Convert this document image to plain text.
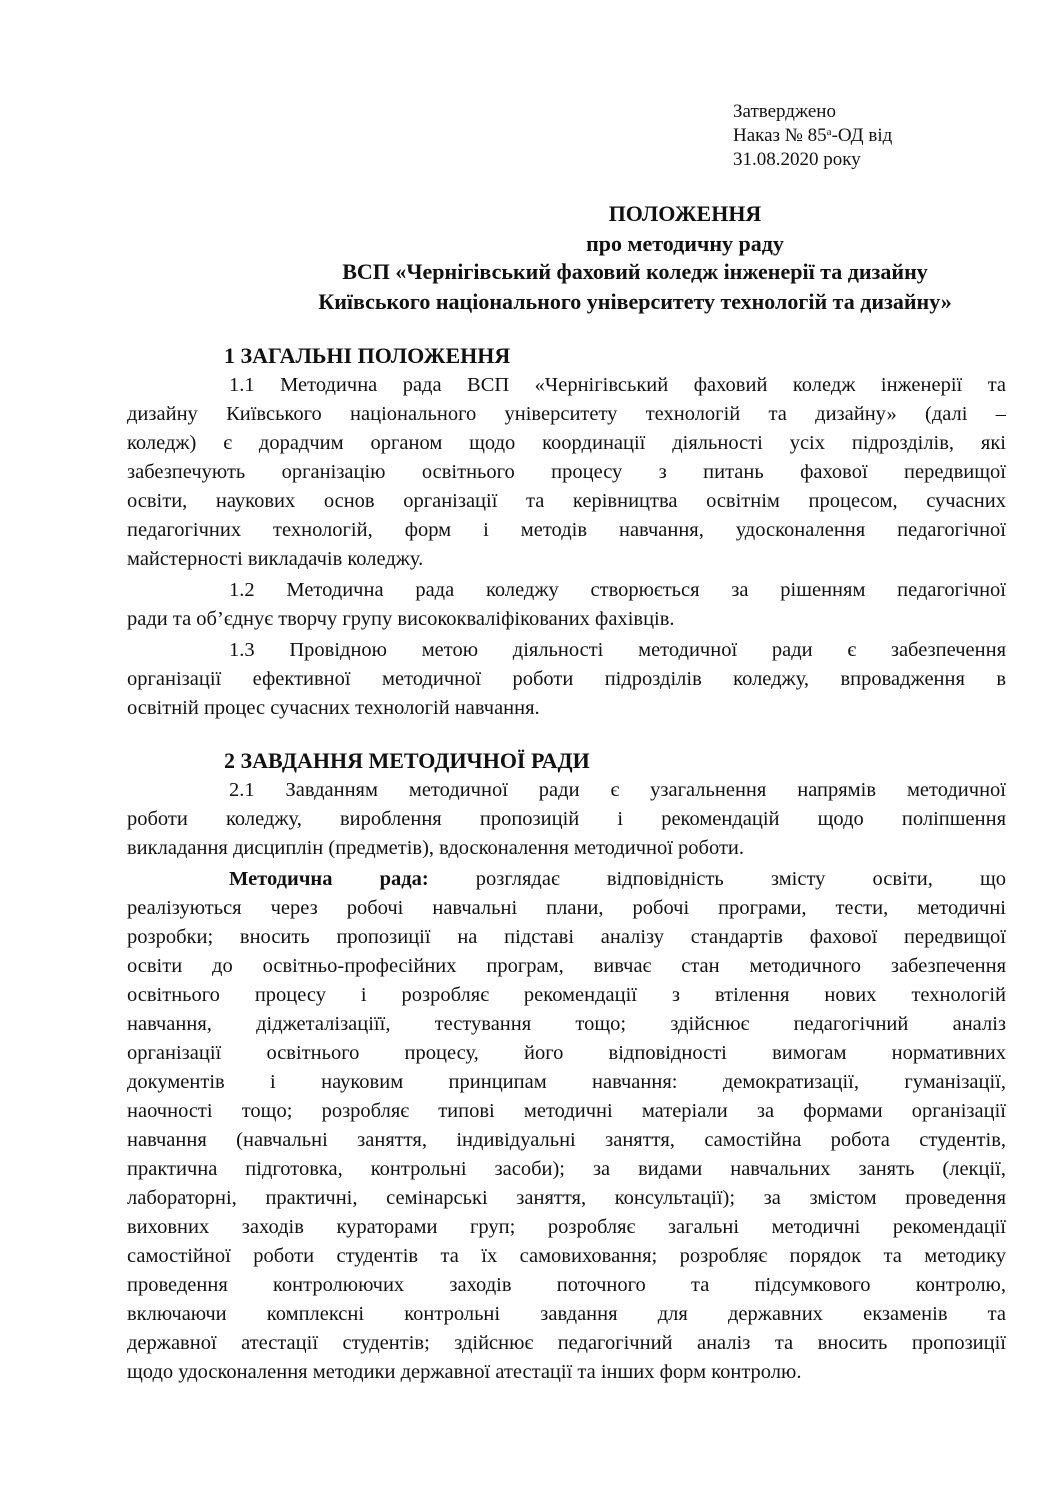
Затверджено
Наказ № $85^а-ОД$ від
31.08.2020 року
ПОЛОЖЕННЯ
про методичну раду
ВСП «Чернігівський фаховий коледж інженерії та дизайну
Київського національного університету технологій та дизайну»
1 ЗАГАЛЬНІ ПОЛОЖЕННЯ
1.1 Методична рада ВСП «Чернігівський фаховий коледж інженерії та
дизайну Київського національного університету технологій та дизайну» (далі –
коледж) є дорадчим органом щодо координації діяльності усіх підрозділів, які
забезпечують організацію освітнього процесу з питань фахової передвищої
освіти, наукових основ організації та керівництва освітнім процесом, сучасних
педагогічних технологій, форм і методів навчання, удосконалення педагогічної
майстерності викладачів коледжу.
1.2 Методична рада коледжу створюється за рішенням педагогічної
ради та об’єднує творчу групу висококваліфікованих фахівців.
1.3 Провідною метою діяльності методичної ради є забезпечення
організації ефективної методичної роботи підрозділів коледжу, впровадження в
освітній процес сучасних технологій навчання.
2 ЗАВДАННЯ МЕТОДИЧНОЇ РАДИ
2.1 Завданням методичної ради є узагальнення напрямів методичної
роботи коледжу, вироблення пропозицій і рекомендацій щодо поліпшення
викладання дисциплін (предметів), вдосконалення методичної роботи.
Методична рада: розглядає відповідність змісту освіти, що
реалізуються через робочі навчальні плани, робочі програми, тести, методичні
розробки; вносить пропозиції на підставі аналізу стандартів фахової передвищої
освіти до освітньо-професійних програм, вивчає стан методичного забезпечення
освітнього процесу і розробляє рекомендації з втілення нових технологій
навчання, діджеталізаціїї, тестування тощо; здійснює педагогічний аналіз
організації освітнього процесу, його відповідності вимогам нормативних
документів і науковим принципам навчання: демократизації, гуманізації,
наочності тощо; розробляє типові методичні матеріали за формами організації
навчання (навчальні заняття, індивідуальні заняття, самостійна робота студентів,
практична підготовка, контрольні засоби); за видами навчальних занять (лекції,
лабораторні, практичні, семінарські заняття, консультації); за змістом проведення
виховних заходів кураторами груп; розробляє загальні методичні рекомендації
самостійної роботи студентів та їх самовиховання; розробляє порядок та методику
проведення контролюючих заходів поточного та підсумкового контролю,
включаючи комплексні контрольні завдання для державних екзаменів та
державної атестації студентів; здійснює педагогічний аналіз та вносить пропозиції
щодо удосконалення методики державної атестації та інших форм контролю.
